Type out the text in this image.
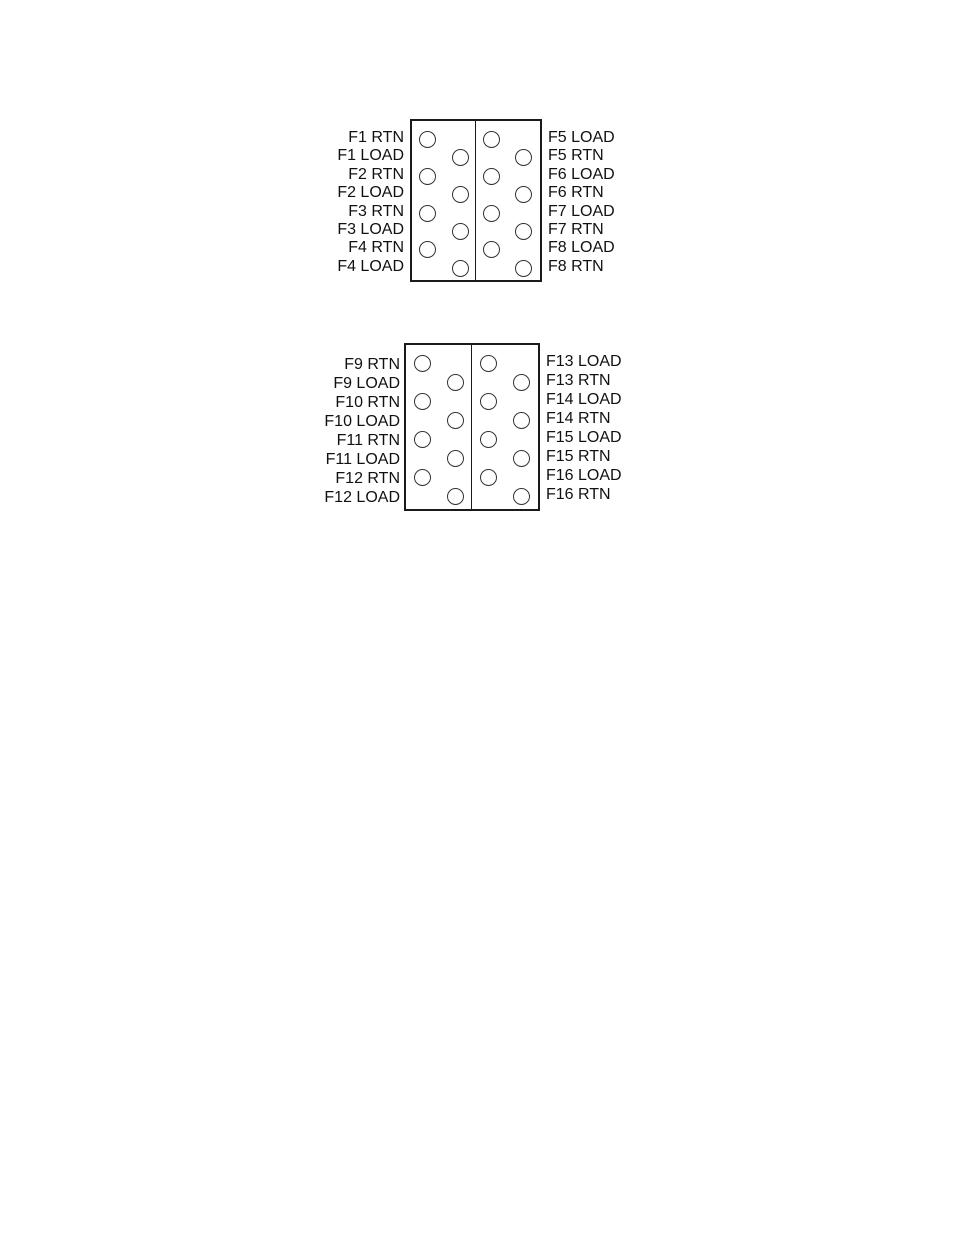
F1 RTN
F1 LOAD
F2 RTN
F2 LOAD
F3 RTN
F3 LOAD
F4 RTN
F4 LOAD
F5 LOAD
F5 RTN
F6 LOAD
F6 RTN
F7 LOAD
F7 RTN
F8 LOAD
F8 RTN
F9 RTN
F9 LOAD
F10 RTN
F10 LOAD
F11 RTN
F11 LOAD
F12 RTN
F12 LOAD
F13 LOAD
F13 RTN
F14 LOAD
F14 RTN
F15 LOAD
F15 RTN
F16 LOAD
F16 RTN
